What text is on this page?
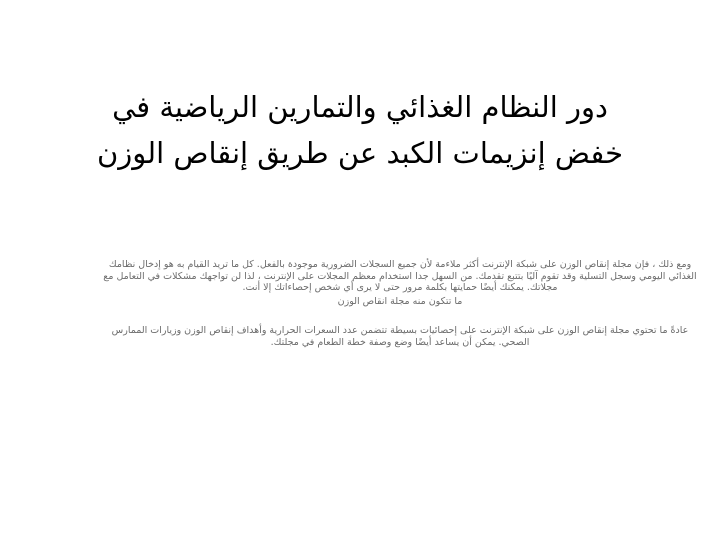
دور النظام الغذائي والتمارين الرياضية في
خفض إنزيمات الكبد عن طريق إنقاص الوزن

ومع ذلك ، فإن مجلة إنقاص الوزن على شبكة الإنترنت أكثر ملاءمة لأن جميع السجلات الضرورية موجودة بالفعل. كل ما تريد القيام به هو إدخال نظامك الغذائي اليومي وسجل التسلية وقد تقوم آليًا بتتبع تقدمك. من السهل جدا استخدام معظم المجلات على الإنترنت ، لذا لن تواجهك مشكلات في التعامل مع مجلاتك. يمكنك أيضًا حمايتها بكلمة مرور حتى لا يرى أي شخص إحصاءاتك إلا أنت.

ما تتكون منه مجلة انقاص الوزن

عادةً ما تحتوي مجلة إنقاص الوزن على شبكة الإنترنت على إحصائيات بسيطة تتضمن عدد السعرات الحرارية وأهداف إنقاص الوزن وزيارات الممارس الصحي. يمكن أن يساعد أيضًا وضع وصفة خطة الطعام في مجلتك.
